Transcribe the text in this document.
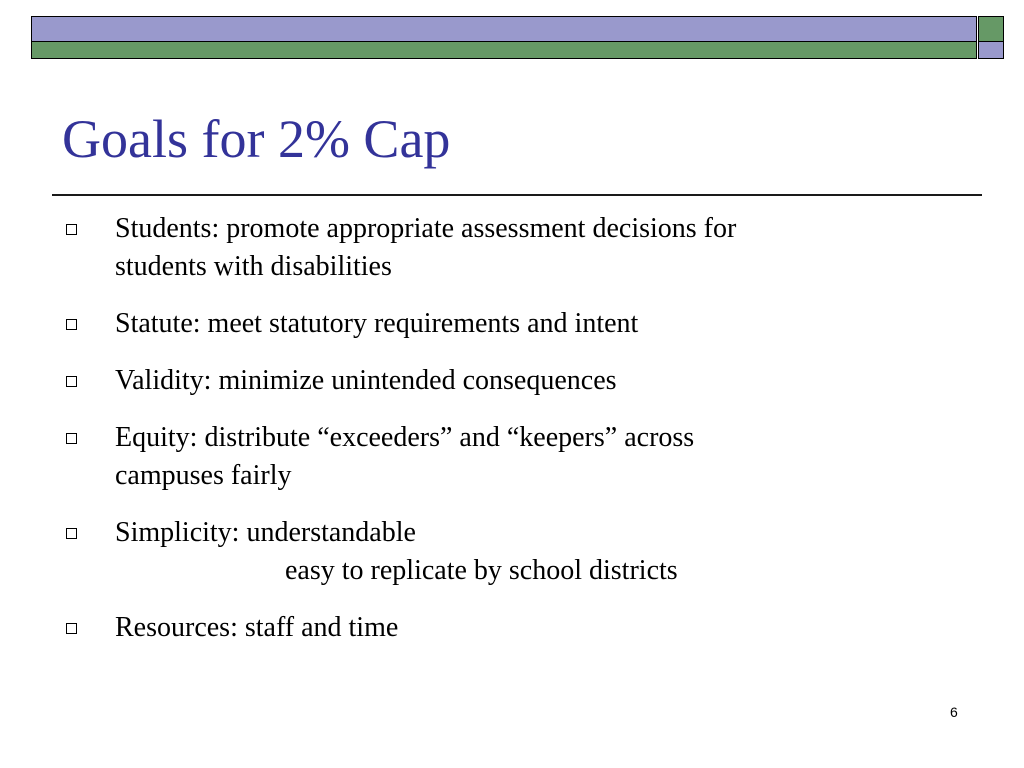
Goals for 2% Cap
Students: promote appropriate assessment decisions for
students with disabilities
Statute: meet statutory requirements and intent
Validity: minimize unintended consequences
Equity: distribute “exceeders” and “keepers” across
campuses fairly
Simplicity: understandable
easy to replicate by school districts
Resources: staff and time
6
